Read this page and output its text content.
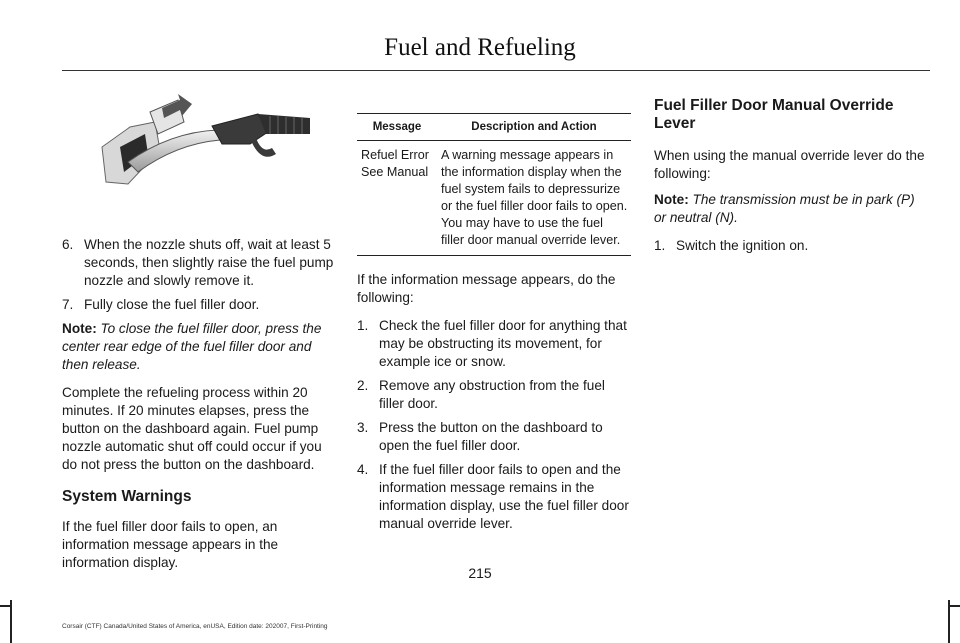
Fuel and Refueling
6. When the nozzle shuts off, wait at least 5 seconds, then slightly raise the fuel pump nozzle and slowly remove it.
7. Fully close the fuel filler door.

Note: To close the fuel filler door, press the center rear edge of the fuel filler door and then release.

Complete the refueling process within 20 minutes. If 20 minutes elapses, press the button on the dashboard again. Fuel pump nozzle automatic shut off could occur if you do not press the button on the dashboard.

System Warnings

If the fuel filler door fails to open, an information message appears in the information display.

Message	Description and Action
Refuel Error See Manual	A warning message appears in the information display when the fuel system fails to depressurize or the fuel filler door fails to open. You may have to use the fuel filler door manual override lever.

If the information message appears, do the following:

1. Check the fuel filler door for anything that may be obstructing its movement, for example ice or snow.
2. Remove any obstruction from the fuel filler door.
3. Press the button on the dashboard to open the fuel filler door.
4. If the fuel filler door fails to open and the information message remains in the information display, use the fuel filler door manual override lever.

Fuel Filler Door Manual Override Lever

When using the manual override lever do the following:

Note: The transmission must be in park (P) or neutral (N).

1. Switch the ignition on.
215
Corsair (CTF) Canada/United States of America, enUSA, Edition date: 202007, First-Printing
